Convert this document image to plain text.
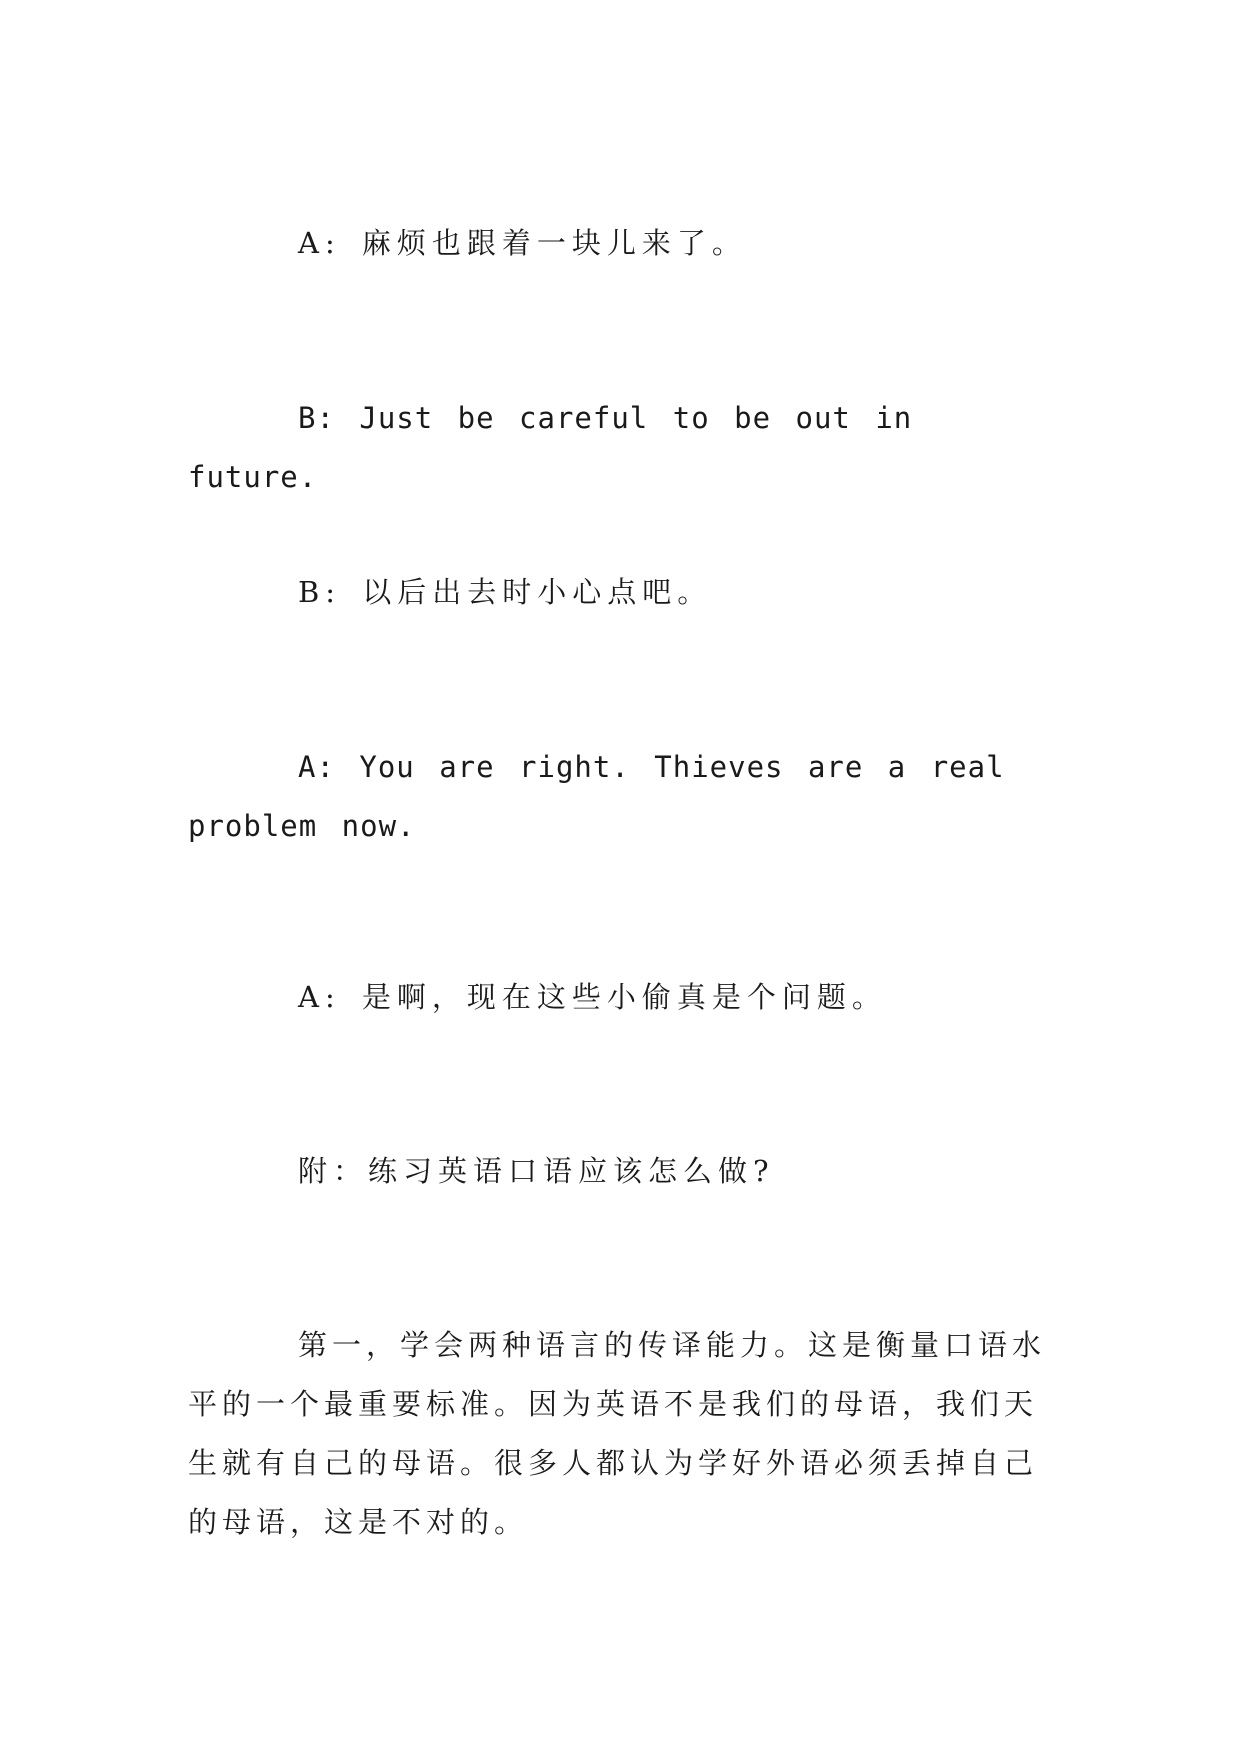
A: 麻烦也跟着一块儿来了。

B: Just be careful to be out in future.

B: 以后出去时小心点吧。

A: You are right. Thieves are a real problem now.

A: 是啊，现在这些小偷真是个问题。

附：练习英语口语应该怎么做?

第一，学会两种语言的传译能力。这是衡量口语水平的一个最重要标准。因为英语不是我们的母语，我们天生就有自己的母语。很多人都认为学好外语必须丢掉自己的母语，这是不对的。
